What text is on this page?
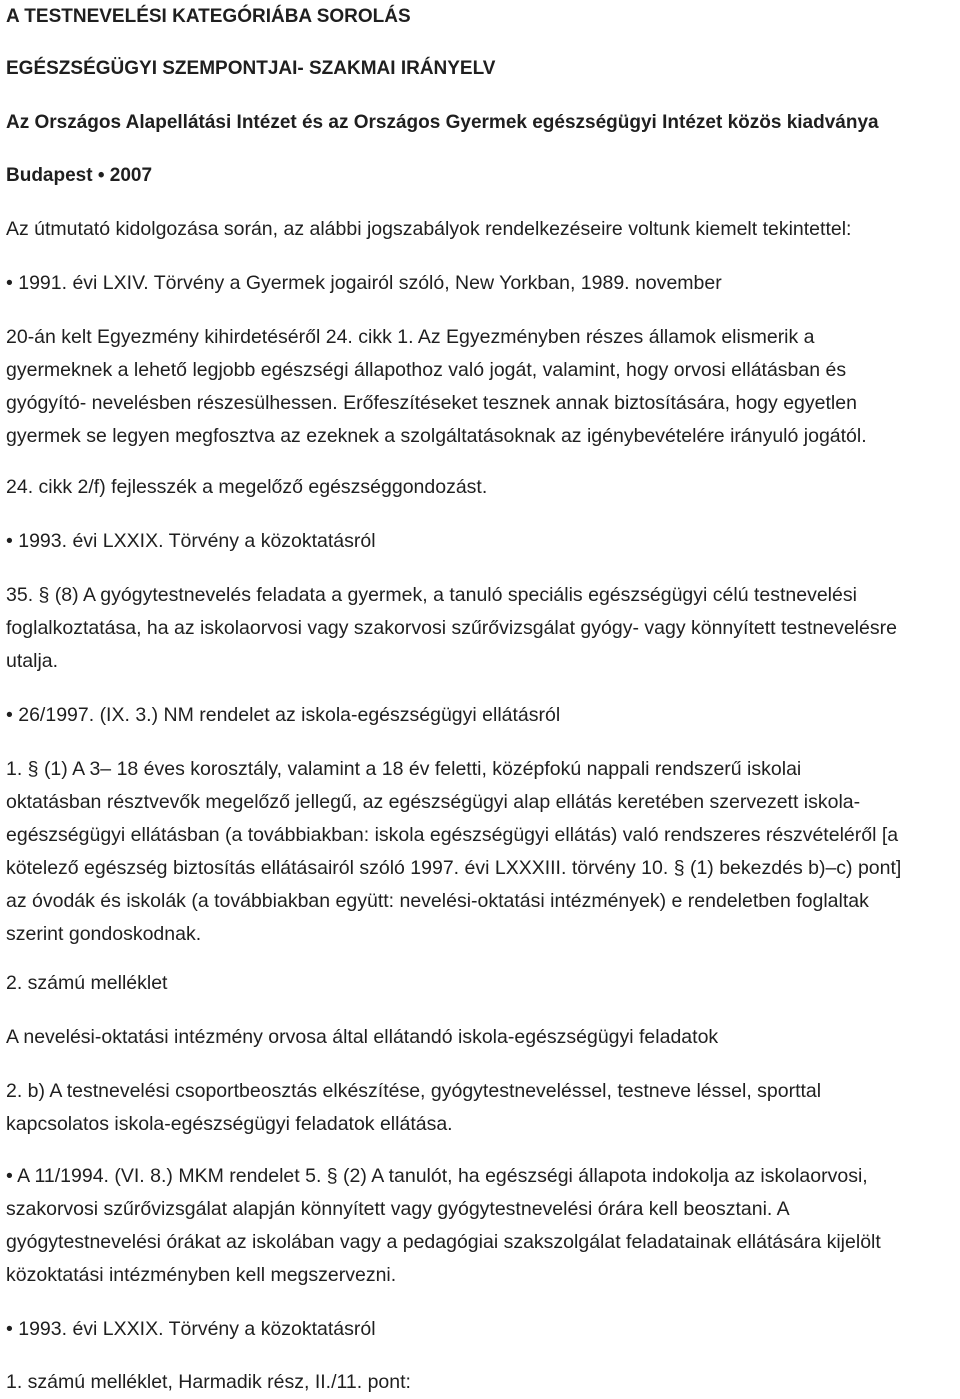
A TESTNEVELÉSI KATEGÓRIÁBA SOROLÁS
EGÉSZSÉGÜGYI SZEMPONTJAI- SZAKMAI IRÁNYELV
Az Országos Alapellátási Intézet és az Országos Gyermek egészségügyi Intézet közös kiadványa
Budapest • 2007
Az útmutató kidolgozása során, az alábbi jogszabályok rendelkezéseire voltunk kiemelt tekintettel:
• 1991. évi LXIV. Törvény a Gyermek jogairól szóló, New Yorkban, 1989. november
20-án kelt Egyezmény kihirdetéséről 24. cikk 1. Az Egyezményben részes államok elismerik a
gyermeknek a lehető legjobb egészségi állapothoz való jogát, valamint, hogy orvosi ellátásban és
gyógyító- nevelésben részesülhessen. Erőfeszítéseket tesznek annak biztosítására, hogy egyetlen
gyermek se legyen megfosztva az ezeknek a szolgáltatásoknak az igénybevételére irányuló jogától.
24. cikk 2/f) fejlesszék a megelőző egészséggondozást.
• 1993. évi LXXIX. Törvény a közoktatásról
35. § (8) A gyógytestnevelés feladata a gyermek, a tanuló speciális egészségügyi célú testnevelési
foglalkoztatása, ha az iskolaorvosi vagy szakorvosi szűrővizsgálat gyógy- vagy könnyített testnevelésre
utalja.
• 26/1997. (IX. 3.) NM rendelet az iskola-egészségügyi ellátásról
1. § (1) A 3– 18 éves korosztály, valamint a 18 év feletti, középfokú nappali rendszerű iskolai
oktatásban résztvevők megelőző jellegű, az egészségügyi alap ellátás keretében szervezett iskola-
egészségügyi ellátásban (a továbbiakban: iskola egészségügyi ellátás) való rendszeres részvételéről [a
kötelező egészség biztosítás ellátásairól szóló 1997. évi LXXXIII. törvény 10. § (1) bekezdés b)–c) pont]
az óvodák és iskolák (a továbbiakban együtt: nevelési-oktatási intézmények) e rendeletben foglaltak
szerint gondoskodnak.
2. számú melléklet
A nevelési-oktatási intézmény orvosa által ellátandó iskola-egészségügyi feladatok
2. b) A testnevelési csoportbeosztás elkészítése, gyógytestneveléssel, testneve léssel, sporttal
kapcsolatos iskola-egészségügyi feladatok ellátása.
• A 11/1994. (VI. 8.) MKM rendelet 5. § (2) A tanulót, ha egészségi állapota indokolja az iskolaorvosi,
szakorvosi szűrővizsgálat alapján könnyített vagy gyógytestnevelési órára kell beosztani. A
gyógytestnevelési órákat az iskolában vagy a pedagógiai szakszolgálat feladatainak ellátására kijelölt
közoktatási intézményben kell megszervezni.
• 1993. évi LXXIX. Törvény a közoktatásról
1. számú melléklet, Harmadik rész, II./11. pont:
